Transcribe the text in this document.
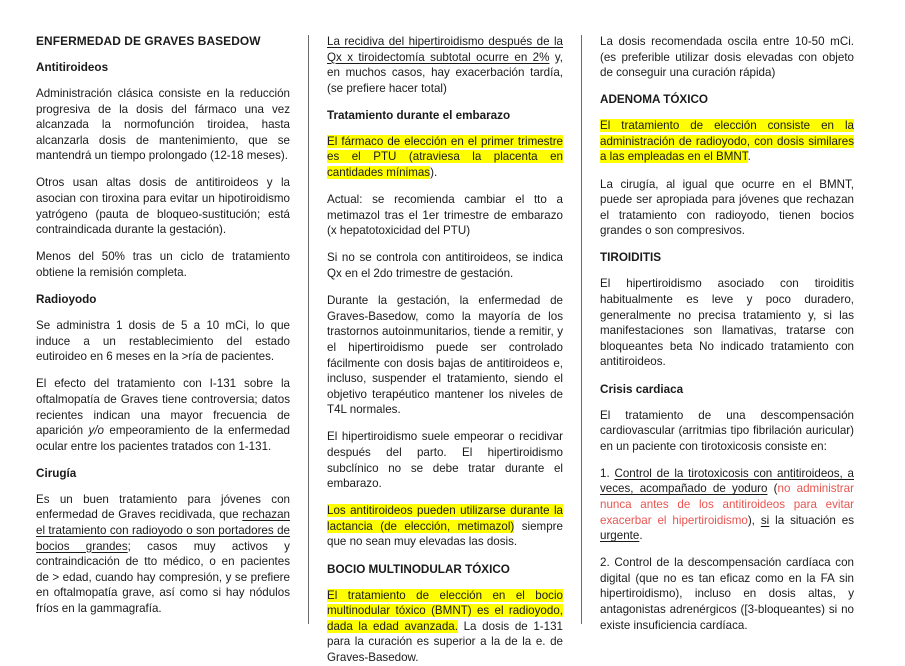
ENFERMEDAD DE GRAVES BASEDOW
Antitiroideos

Administración clásica consiste en la reducción progresiva de la dosis del fármaco una vez alcanzada la normofunción tiroidea, hasta alcanzarla dosis de mantenimiento, que se mantendrá un tiempo prolongado (12-18 meses).

Otros usan altas dosis de antitiroideos y la asocian con tiroxina para evitar un hipotiroidismo yatrógeno (pauta de bloqueo-sustitución; está contraindicada durante la gestación).

Menos del 50% tras un ciclo de tratamiento obtiene la remisión completa.

Radioyodo

Se administra 1 dosis de 5 a 10 mCi, lo que induce a un restablecimiento del estado eutiroideo en 6 meses en la >ría de pacientes.

El efecto del tratamiento con I-131 sobre la oftalmopatía de Graves tiene controversia; datos recientes indican una mayor frecuencia de aparición y/o empeoramiento de la enfermedad ocular entre los pacientes tratados con 1-131.

Cirugía

Es un buen tratamiento para jóvenes con enfermedad de Graves recidivada, que rechazan el tratamiento con radioyodo o son portadores de bocios grandes; casos muy activos y contraindicación de tto médico, o en pacientes de > edad, cuando hay compresión, y se prefiere en oftalmopatía grave, así como si hay nódulos fríos en la gammagrafía.

La recidiva del hipertiroidismo después de la Qx x tiroidectomía subtotal ocurre en 2% y, en muchos casos, hay exacerbación tardía, (se prefiere hacer total)

Tratamiento durante el embarazo

El fármaco de elección en el primer trimestre es el PTU (atraviesa la placenta en cantidades mínimas).

Actual: se recomienda cambiar el tto a metimazol tras el 1er trimestre de embarazo (x hepatotoxicidad del PTU)

Si no se controla con antitiroideos, se indica Qx en el 2do trimestre de gestación.

Durante la gestación, la enfermedad de Graves-Basedow, como la mayoría de los trastornos autoinmunitarios, tiende a remitir, y el hipertiroidismo puede ser controlado fácilmente con dosis bajas de antitiroideos e, incluso, suspender el tratamiento, siendo el objetivo terapéutico mantener los niveles de T4L normales.

El hipertiroidismo suele empeorar o recidivar después del parto. El hipertiroidismo subclínico no se debe tratar durante el embarazo.

Los antitiroideos pueden utilizarse durante la lactancia (de elección, metimazol) siempre que no sean muy elevadas las dosis.

BOCIO MULTINODULAR TÓXICO

El tratamiento de elección en el bocio multinodular tóxico (BMNT) es el radioyodo, dada la edad avanzada. La dosis de 1-131 para la curación es superior a la de la e. de Graves-Basedow.

La dosis recomendada oscila entre 10-50 mCi. (es preferible utilizar dosis elevadas con objeto de conseguir una curación rápida)

ADENOMA TÓXICO

El tratamiento de elección consiste en la administración de radioyodo, con dosis similares a las empleadas en el BMNT.

La cirugía, al igual que ocurre en el BMNT, puede ser apropiada para jóvenes que rechazan el tratamiento con radioyodo, tienen bocios grandes o son compresivos.

TIROIDITIS

El hipertiroidismo asociado con tiroiditis habitualmente es leve y poco duradero, generalmente no precisa tratamiento y, si las manifestaciones son llamativas, tratarse con bloqueantes beta No indicado tratamiento con antitiroideos.

Crisis cardiaca

El tratamiento de una descompensación cardiovascular (arritmias tipo fibrilación auricular) en un paciente con tirotoxicosis consiste en:

1. Control de la tirotoxicosis con antitiroideos, a veces, acompañado de yoduro (no administrar nunca antes de los antitiroideos para evitar exacerbar el hipertiroidismo), si la situación es urgente.

2. Control de la descompensación cardíaca con digital (que no es tan eficaz como en la FA sin hipertiroidismo), incluso en dosis altas, y antagonistas adrenérgicos ([3-bloqueantes) si no existe insuficiencia cardíaca.
